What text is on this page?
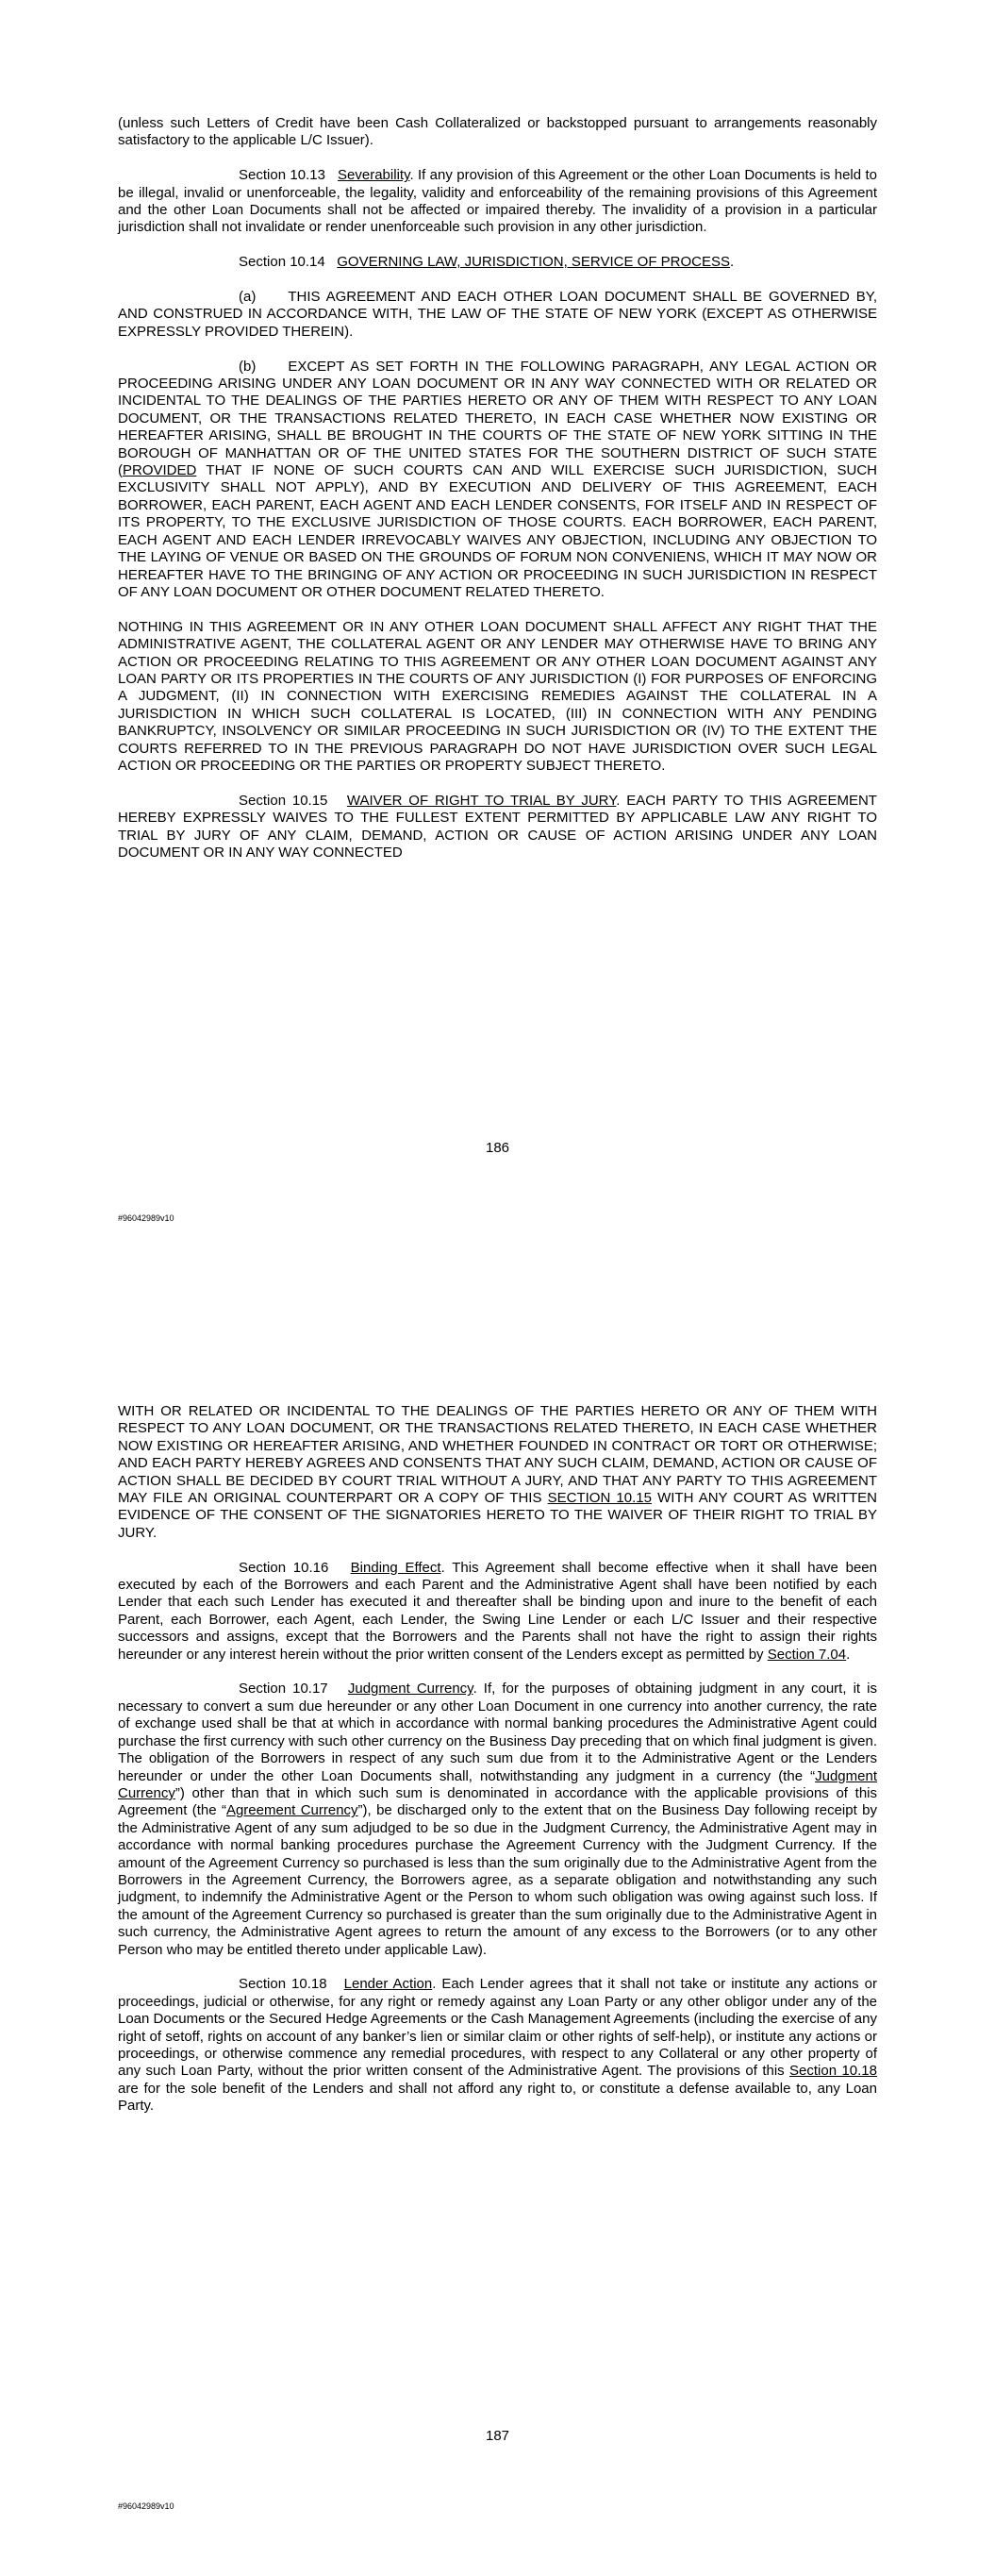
(unless such Letters of Credit have been Cash Collateralized or backstopped pursuant to arrangements reasonably satisfactory to the applicable L/C Issuer).

Section 10.13 Severability. If any provision of this Agreement or the other Loan Documents is held to be illegal, invalid or unenforceable, the legality, validity and enforceability of the remaining provisions of this Agreement and the other Loan Documents shall not be affected or impaired thereby. The invalidity of a provision in a particular jurisdiction shall not invalidate or render unenforceable such provision in any other jurisdiction.

Section 10.14 GOVERNING LAW, JURISDICTION, SERVICE OF PROCESS.

(a) THIS AGREEMENT AND EACH OTHER LOAN DOCUMENT SHALL BE GOVERNED BY, AND CONSTRUED IN ACCORDANCE WITH, THE LAW OF THE STATE OF NEW YORK (EXCEPT AS OTHERWISE EXPRESSLY PROVIDED THEREIN).

(b) EXCEPT AS SET FORTH IN THE FOLLOWING PARAGRAPH, ANY LEGAL ACTION OR PROCEEDING ARISING UNDER ANY LOAN DOCUMENT OR IN ANY WAY CONNECTED WITH OR RELATED OR INCIDENTAL TO THE DEALINGS OF THE PARTIES HERETO OR ANY OF THEM WITH RESPECT TO ANY LOAN DOCUMENT, OR THE TRANSACTIONS RELATED THERETO, IN EACH CASE WHETHER NOW EXISTING OR HEREAFTER ARISING, SHALL BE BROUGHT IN THE COURTS OF THE STATE OF NEW YORK SITTING IN THE BOROUGH OF MANHATTAN OR OF THE UNITED STATES FOR THE SOUTHERN DISTRICT OF SUCH STATE (PROVIDED THAT IF NONE OF SUCH COURTS CAN AND WILL EXERCISE SUCH JURISDICTION, SUCH EXCLUSIVITY SHALL NOT APPLY), AND BY EXECUTION AND DELIVERY OF THIS AGREEMENT, EACH BORROWER, EACH PARENT, EACH AGENT AND EACH LENDER CONSENTS, FOR ITSELF AND IN RESPECT OF ITS PROPERTY, TO THE EXCLUSIVE JURISDICTION OF THOSE COURTS. EACH BORROWER, EACH PARENT, EACH AGENT AND EACH LENDER IRREVOCABLY WAIVES ANY OBJECTION, INCLUDING ANY OBJECTION TO THE LAYING OF VENUE OR BASED ON THE GROUNDS OF FORUM NON CONVENIENS, WHICH IT MAY NOW OR HEREAFTER HAVE TO THE BRINGING OF ANY ACTION OR PROCEEDING IN SUCH JURISDICTION IN RESPECT OF ANY LOAN DOCUMENT OR OTHER DOCUMENT RELATED THERETO.

NOTHING IN THIS AGREEMENT OR IN ANY OTHER LOAN DOCUMENT SHALL AFFECT ANY RIGHT THAT THE ADMINISTRATIVE AGENT, THE COLLATERAL AGENT OR ANY LENDER MAY OTHERWISE HAVE TO BRING ANY ACTION OR PROCEEDING RELATING TO THIS AGREEMENT OR ANY OTHER LOAN DOCUMENT AGAINST ANY LOAN PARTY OR ITS PROPERTIES IN THE COURTS OF ANY JURISDICTION (I) FOR PURPOSES OF ENFORCING A JUDGMENT, (II) IN CONNECTION WITH EXERCISING REMEDIES AGAINST THE COLLATERAL IN A JURISDICTION IN WHICH SUCH COLLATERAL IS LOCATED, (III) IN CONNECTION WITH ANY PENDING BANKRUPTCY, INSOLVENCY OR SIMILAR PROCEEDING IN SUCH JURISDICTION OR (IV) TO THE EXTENT THE COURTS REFERRED TO IN THE PREVIOUS PARAGRAPH DO NOT HAVE JURISDICTION OVER SUCH LEGAL ACTION OR PROCEEDING OR THE PARTIES OR PROPERTY SUBJECT THERETO.

Section 10.15 WAIVER OF RIGHT TO TRIAL BY JURY. EACH PARTY TO THIS AGREEMENT HEREBY EXPRESSLY WAIVES TO THE FULLEST EXTENT PERMITTED BY APPLICABLE LAW ANY RIGHT TO TRIAL BY JURY OF ANY CLAIM, DEMAND, ACTION OR CAUSE OF ACTION ARISING UNDER ANY LOAN DOCUMENT OR IN ANY WAY CONNECTED

186
#96042989v10

WITH OR RELATED OR INCIDENTAL TO THE DEALINGS OF THE PARTIES HERETO OR ANY OF THEM WITH RESPECT TO ANY LOAN DOCUMENT, OR THE TRANSACTIONS RELATED THERETO, IN EACH CASE WHETHER NOW EXISTING OR HEREAFTER ARISING, AND WHETHER FOUNDED IN CONTRACT OR TORT OR OTHERWISE; AND EACH PARTY HEREBY AGREES AND CONSENTS THAT ANY SUCH CLAIM, DEMAND, ACTION OR CAUSE OF ACTION SHALL BE DECIDED BY COURT TRIAL WITHOUT A JURY, AND THAT ANY PARTY TO THIS AGREEMENT MAY FILE AN ORIGINAL COUNTERPART OR A COPY OF THIS SECTION 10.15 WITH ANY COURT AS WRITTEN EVIDENCE OF THE CONSENT OF THE SIGNATORIES HERETO TO THE WAIVER OF THEIR RIGHT TO TRIAL BY JURY.

Section 10.16 Binding Effect. This Agreement shall become effective when it shall have been executed by each of the Borrowers and each Parent and the Administrative Agent shall have been notified by each Lender that each such Lender has executed it and thereafter shall be binding upon and inure to the benefit of each Parent, each Borrower, each Agent, each Lender, the Swing Line Lender or each L/C Issuer and their respective successors and assigns, except that the Borrowers and the Parents shall not have the right to assign their rights hereunder or any interest herein without the prior written consent of the Lenders except as permitted by Section 7.04.

Section 10.17 Judgment Currency. If, for the purposes of obtaining judgment in any court, it is necessary to convert a sum due hereunder or any other Loan Document in one currency into another currency, the rate of exchange used shall be that at which in accordance with normal banking procedures the Administrative Agent could purchase the first currency with such other currency on the Business Day preceding that on which final judgment is given. The obligation of the Borrowers in respect of any such sum due from it to the Administrative Agent or the Lenders hereunder or under the other Loan Documents shall, notwithstanding any judgment in a currency (the “Judgment Currency”) other than that in which such sum is denominated in accordance with the applicable provisions of this Agreement (the “Agreement Currency”), be discharged only to the extent that on the Business Day following receipt by the Administrative Agent of any sum adjudged to be so due in the Judgment Currency, the Administrative Agent may in accordance with normal banking procedures purchase the Agreement Currency with the Judgment Currency. If the amount of the Agreement Currency so purchased is less than the sum originally due to the Administrative Agent from the Borrowers in the Agreement Currency, the Borrowers agree, as a separate obligation and notwithstanding any such judgment, to indemnify the Administrative Agent or the Person to whom such obligation was owing against such loss. If the amount of the Agreement Currency so purchased is greater than the sum originally due to the Administrative Agent in such currency, the Administrative Agent agrees to return the amount of any excess to the Borrowers (or to any other Person who may be entitled thereto under applicable Law).

Section 10.18 Lender Action. Each Lender agrees that it shall not take or institute any actions or proceedings, judicial or otherwise, for any right or remedy against any Loan Party or any other obligor under any of the Loan Documents or the Secured Hedge Agreements or the Cash Management Agreements (including the exercise of any right of setoff, rights on account of any banker’s lien or similar claim or other rights of self-help), or institute any actions or proceedings, or otherwise commence any remedial procedures, with respect to any Collateral or any other property of any such Loan Party, without the prior written consent of the Administrative Agent. The provisions of this Section 10.18 are for the sole benefit of the Lenders and shall not afford any right to, or constitute a defense available to, any Loan Party.

187
#96042989v10
